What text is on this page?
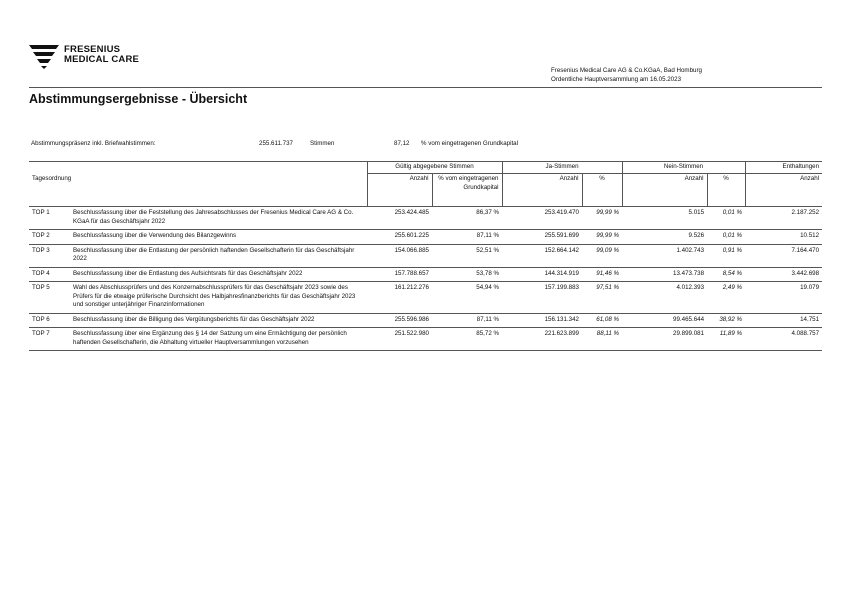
FRESENIUS
MEDICAL CARE
Fresenius Medical Care AG & Co.KGaA, Bad Homburg
Ordentliche Hauptversammlung am 16.05.2023
Abstimmungsergebnisse - Übersicht
Abstimmungspräsenz inkl. Briefwahlstimmen:	255.611.737	Stimmen	87,12 % vom eingetragenen Grundkapital
		Gültig abgegebene Stimmen		Ja-Stimmen		Nein-Stimmen		Enthaltungen
Tagesordnung		Anzahl	% vom eingetragenen Grundkapital	Anzahl	%	Anzahl	%	Anzahl
TOP 1	Beschlussfassung über die Feststellung des Jahresabschlusses der Fresenius Medical Care AG & Co. KGaA für das Geschäftsjahr 2022	253.424.485	86,37 %	253.419.470	99,99 %	5.015	0,01 %	2.187.252
TOP 2	Beschlussfassung über die Verwendung des Bilanzgewinns	255.601.225	87,11 %	255.591.699	99,99 %	9.526	0,01 %	10.512
TOP 3	Beschlussfassung über die Entlastung der persönlich haftenden Gesellschafterin für das Geschäftsjahr 2022	154.066.885	52,51 %	152.664.142	99,09 %	1.402.743	0,91 %	7.164.470
TOP 4	Beschlussfassung über die Entlastung des Aufsichtsrats für das Geschäftsjahr 2022	157.788.657	53,78 %	144.314.919	91,46 %	13.473.738	8,54 %	3.442.698
TOP 5	Wahl des Abschlussprüfers und des Konzernabschlussprüfers für das Geschäftsjahr 2023 sowie des Prüfers für die etwaige prüferische Durchsicht des Halbjahresfinanzberichts für das Geschäftsjahr 2023 und sonstiger unterjähriger Finanzinformationen	161.212.276	54,94 %	157.199.883	97,51 %	4.012.393	2,49 %	19.079
TOP 6	Beschlussfassung über die Billigung des Vergütungsberichts für das Geschäftsjahr 2022	255.596.986	87,11 %	156.131.342	61,08 %	99.465.644	38,92 %	14.751
TOP 7	Beschlussfassung über eine Ergänzung des § 14 der Satzung um eine Ermächtigung der persönlich haftenden Gesellschafterin, die Abhaltung virtueller Hauptversammlungen vorzusehen	251.522.980	85,72 %	221.623.899	88,11 %	29.899.081	11,89 %	4.088.757
